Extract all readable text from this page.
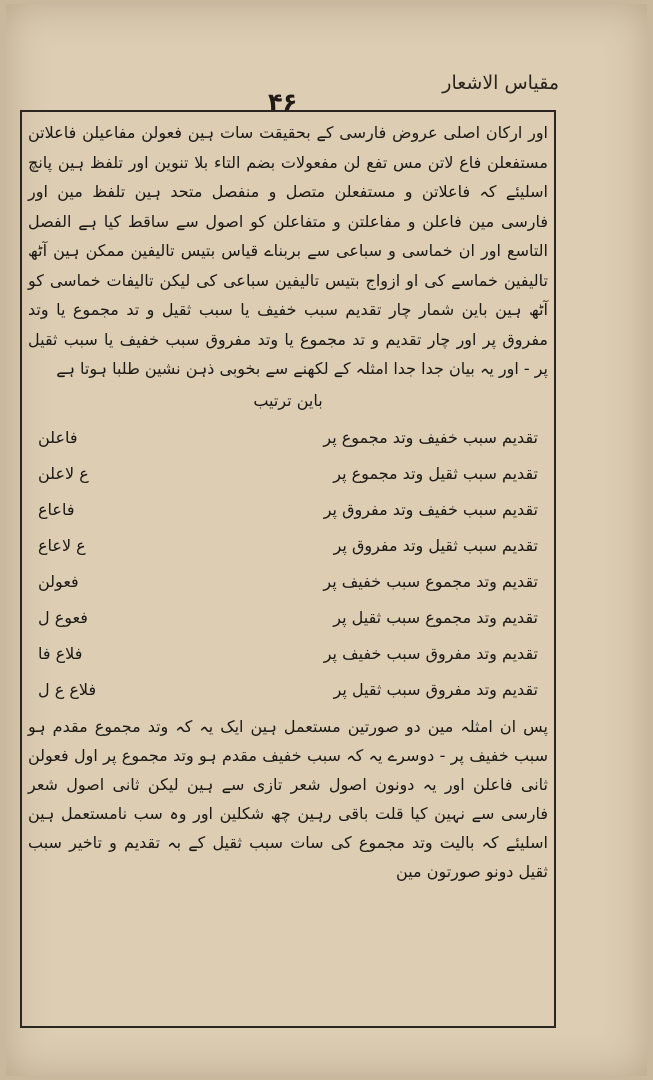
مقیاس الاشعار
۴۶

اور ارکان اصلی عروض فارسی کے بحقیقت سات ہین فعولن مفاعیلن فاعلاتن مستفعلن فاع لاتن مس تفع لن مفعولات بضم التاء بلا تنوین اور تلفظ ہین پانچ اسلیئے کہ فاعلاتن و مستفعلن متصل و منفصل متحد ہین تلفظ مین اور فارسی مین فاعلن و مفاعلتن و متفاعلن کو اصول سے ساقط کیا ہے الفصل التاسع اور ان خماسی و سباعی سے بربناے قیاس بتیس تالیفین ممکن ہین آٹھ تالیفین خماسے کی او ازواج بتیس تالیفین سباعی کی لیکن تالیفات خماسی کو آٹھ ہین باین شمار چار تقدیم سبب خفیف یا سبب ثقیل و تد مجموع یا وتد مفروق پر اور چار تقدیم و تد مجموع یا وتد مفروق سبب خفیف یا سبب ثقیل پر - اور یہ بیان جدا جدا امثلہ کے لکھنے سے بخوبی ذہن نشین طلبا ہوتا ہے

باین ترتیب
تقدیم سبب خفیف وتد مجموع پر
فاعلن
تقدیم سبب ثقیل وتد مجموع پر
ع لاعلن
تقدیم سبب خفیف وتد مفروق پر
فاعاع
تقدیم سبب ثقیل وتد مفروق پر
ع لاعاع
تقدیم وتد مجموع سبب خفیف پر
فعولن
تقدیم وتد مجموع سبب ثقیل پر
فعوع ل
تقدیم وتد مفروق سبب خفیف پر
فلاع فا
تقدیم وتد مفروق سبب ثقیل پر
فلاع ع ل

پس ان امثلہ مین دو صورتین مستعمل ہین ایک یہ کہ وتد مجموع مقدم ہو سبب خفیف پر - دوسرے یہ کہ سبب خفیف مقدم ہو وتد مجموع پر اول فعولن ثانی فاعلن اور یہ دونون اصول شعر تازی سے ہین لیکن ثانی اصول شعر فارسی سے نہین کیا قلت باقی رہین چھ شکلین اور وہ سب نامستعمل ہین اسلیئے کہ بالیت وتد مجموع کی سات سبب ثقیل کے بہ تقدیم و تاخیر سبب ثقیل دونو صورتون مین
